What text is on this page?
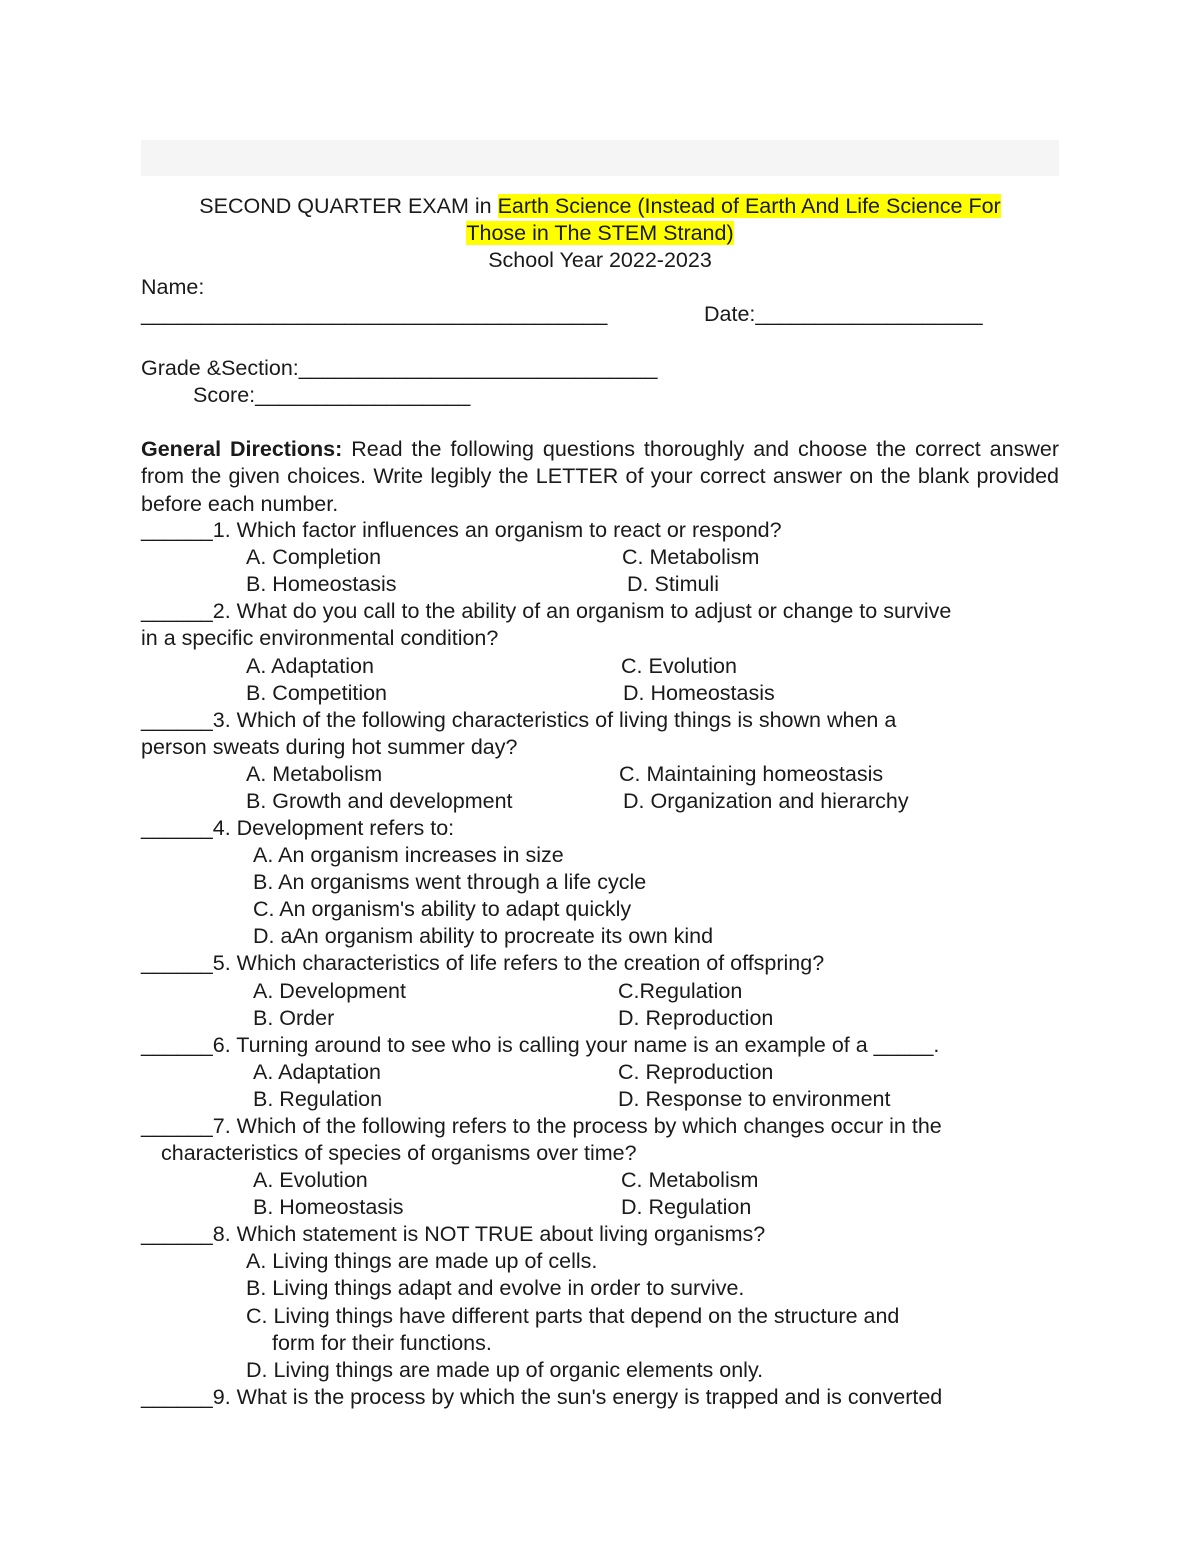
SECOND QUARTER EXAM in Earth Science (Instead of Earth And Life Science For
Those in The STEM Strand)
School Year 2022-2023
Name:
_______________________________________	Date:___________________
Grade &Section:______________________________
Score:__________________
General Directions: Read the following questions thoroughly and choose the correct answer from the given choices. Write legibly the LETTER of your correct answer on the blank provided before each number.
______1. Which factor influences an organism to react or respond?
A. Completion	C. Metabolism
B. Homeostasis	D. Stimuli
______2. What do you call to the ability of an organism to adjust or change to survive
in a specific environmental condition?
A. Adaptation	C. Evolution
B. Competition	D. Homeostasis
______3. Which of the following characteristics of living things is shown when a
person sweats during hot summer day?
A. Metabolism	C. Maintaining homeostasis
B. Growth and development	D. Organization and hierarchy
______4. Development refers to:
A. An organism increases in size
B. An organisms went through a life cycle
C. An organism's ability to adapt quickly
D. aAn organism ability to procreate its own kind
______5. Which characteristics of life refers to the creation of offspring?
A. Development	C.Regulation
B. Order	D. Reproduction
______6. Turning around to see who is calling your name is an example of a _____.
A. Adaptation	C. Reproduction
B. Regulation	D. Response to environment
______7. Which of the following refers to the process by which changes occur in the
characteristics of species of organisms over time?
A. Evolution	C. Metabolism
B. Homeostasis	D. Regulation
______8. Which statement is NOT TRUE about living organisms?
A. Living things are made up of cells.
B. Living things adapt and evolve in order to survive.
C. Living things have different parts that depend on the structure and
form for their functions.
D. Living things are made up of organic elements only.
______9. What is the process by which the sun's energy is trapped and is converted
